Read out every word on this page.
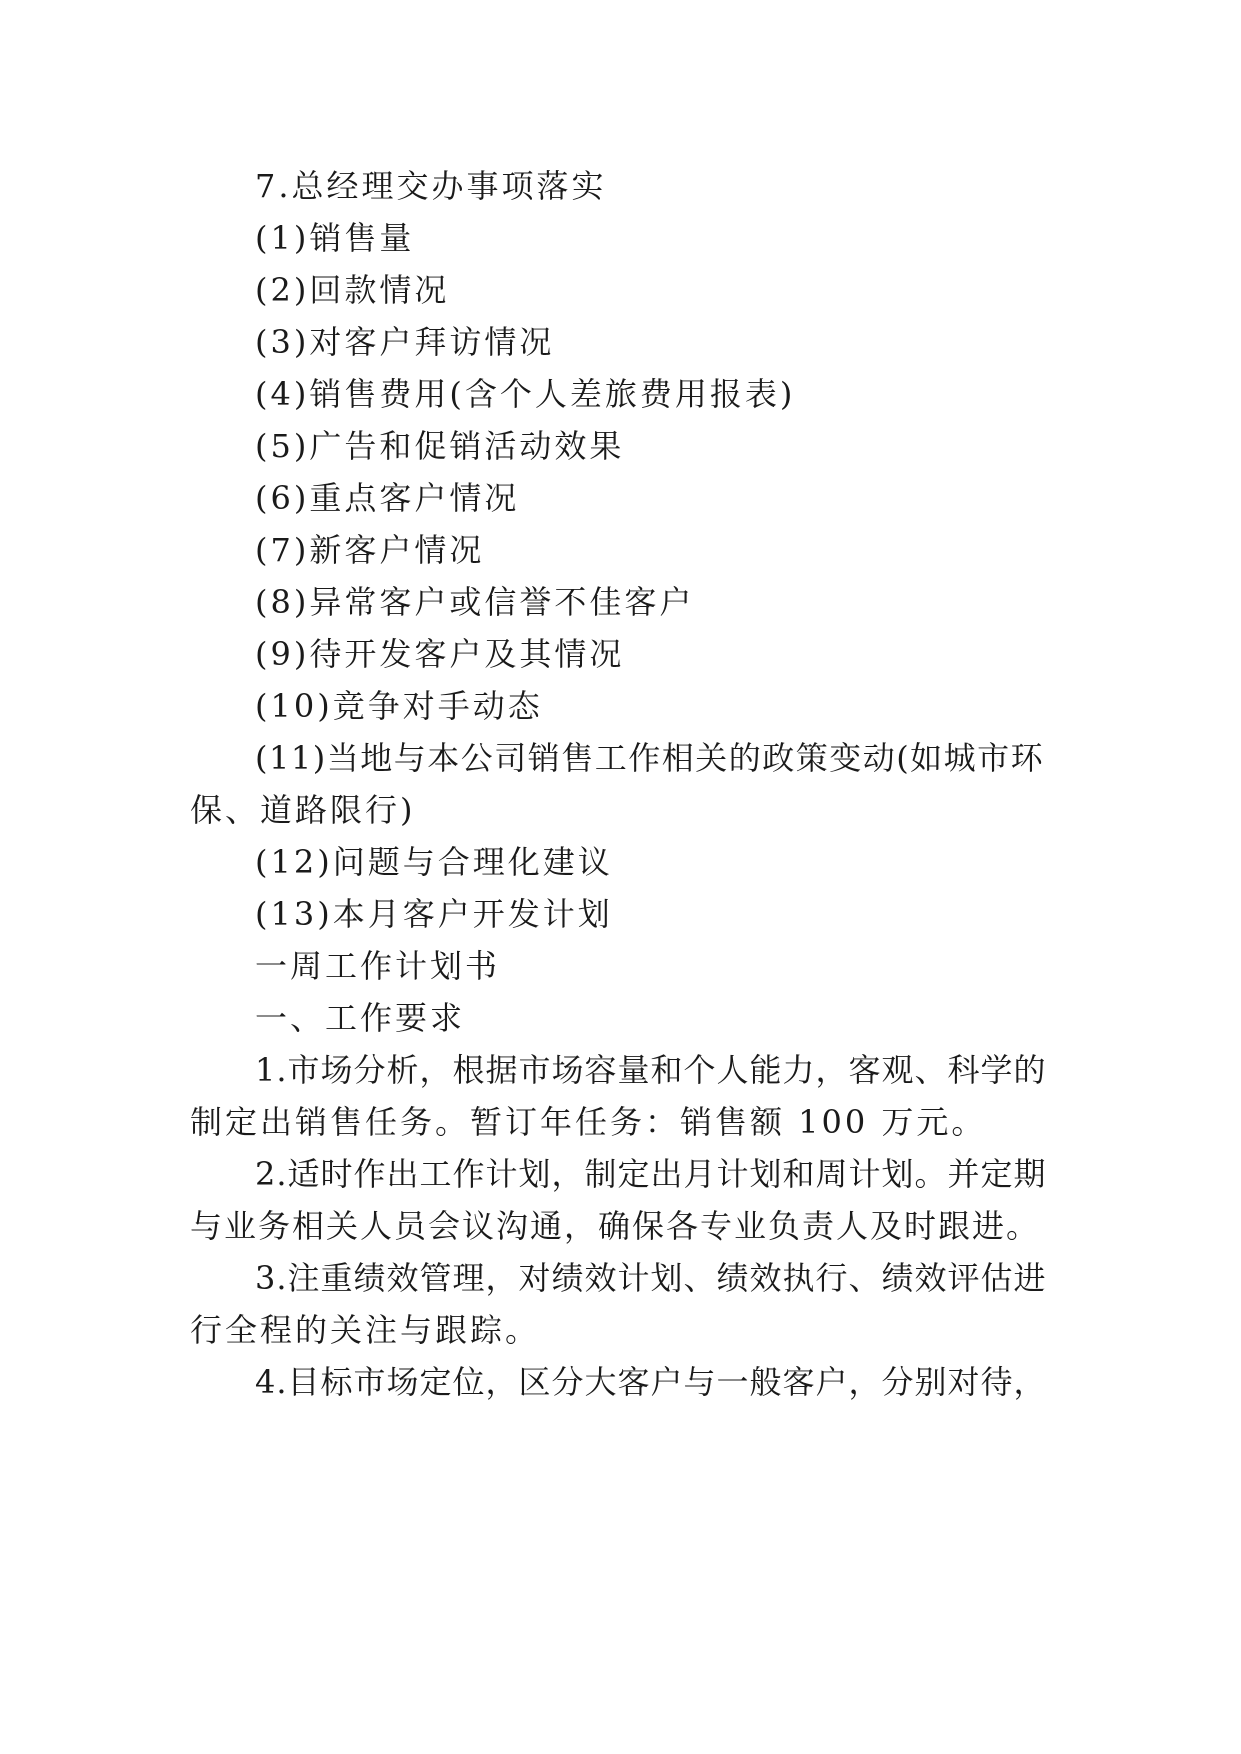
7.总经理交办事项落实
(1)销售量
(2)回款情况
(3)对客户拜访情况
(4)销售费用(含个人差旅费用报表)
(5)广告和促销活动效果
(6)重点客户情况
(7)新客户情况
(8)异常客户或信誉不佳客户
(9)待开发客户及其情况
(10)竞争对手动态
(11)当地与本公司销售工作相关的政策变动(如城市环
保、道路限行)
(12)问题与合理化建议
(13)本月客户开发计划
一周工作计划书
一、工作要求
1.市场分析，根据市场容量和个人能力，客观、科学的
制定出销售任务。暂订年任务：销售额 100 万元。
2.适时作出工作计划，制定出月计划和周计划。并定期
与业务相关人员会议沟通，确保各专业负责人及时跟进。
3.注重绩效管理，对绩效计划、绩效执行、绩效评估进
行全程的关注与跟踪。
4.目标市场定位，区分大客户与一般客户，分别对待，
